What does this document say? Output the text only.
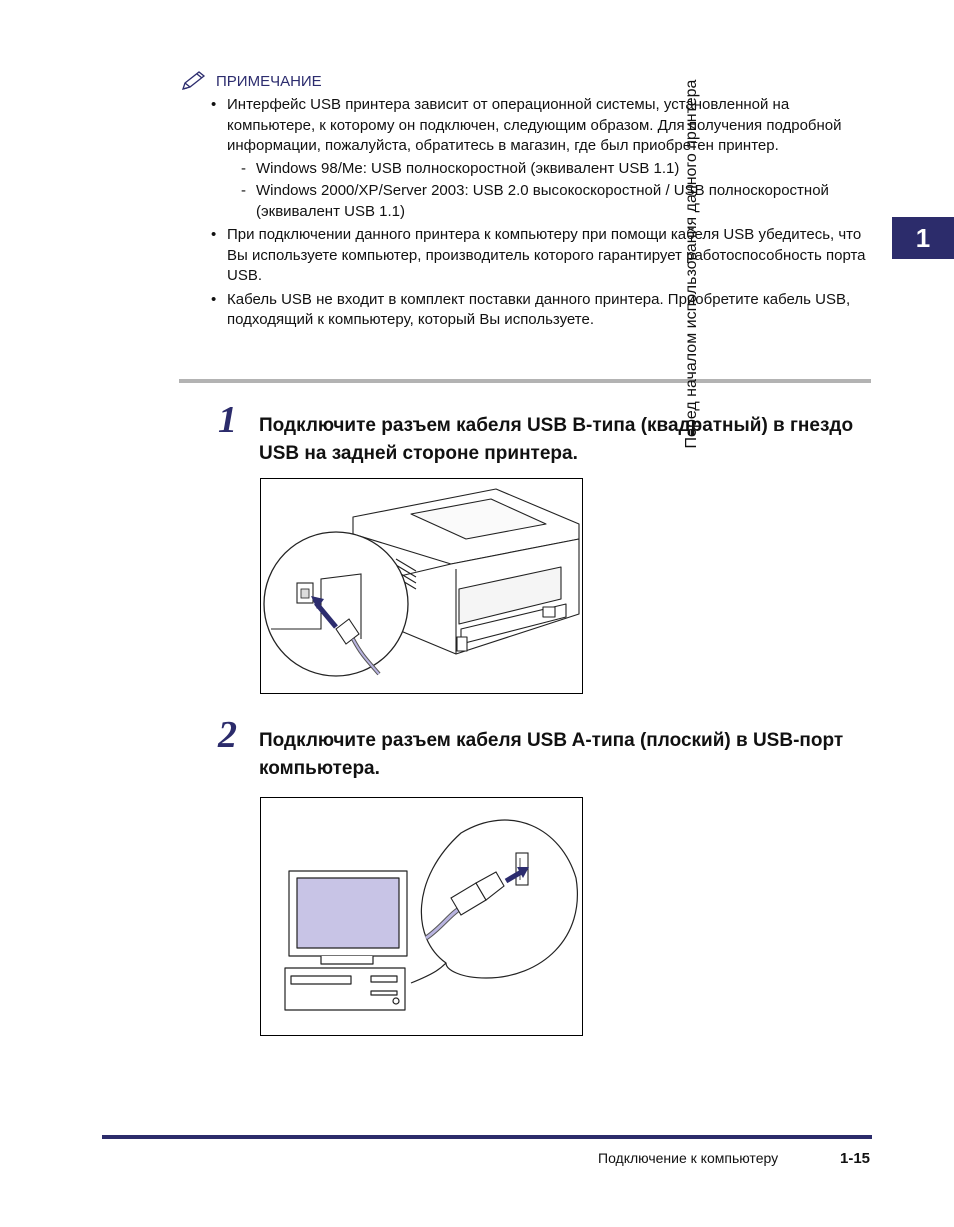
ПРИМЕЧАНИЕ
• Интерфейс USB принтера зависит от операционной системы, установленной на компьютере, к которому он подключен, следующим образом. Для получения подробной информации, пожалуйста, обратитесь в магазин, где был приобретен принтер.
- Windows 98/Me: USB полноскоростной (эквивалент USB 1.1)
- Windows 2000/XP/Server 2003: USB 2.0 высокоскоростной / USB полноскоростной (эквивалент USB 1.1)
• При подключении данного принтера к компьютеру при помощи кабеля USB убедитесь, что Вы используете компьютер, производитель которого гарантирует работоспособность порта USB.
• Кабель USB не входит в комплект поставки данного принтера. Приобретите кабель USB, подходящий к компьютеру, который Вы используете.
1 Подключите разъем кабеля USB B-типа (квадратный) в гнездо USB на задней стороне принтера.
2 Подключите разъем кабеля USB A-типа (плоский) в USB-порт компьютера.
1
Перед началом использования данного принтера
Подключение к компьютеру	1-15
